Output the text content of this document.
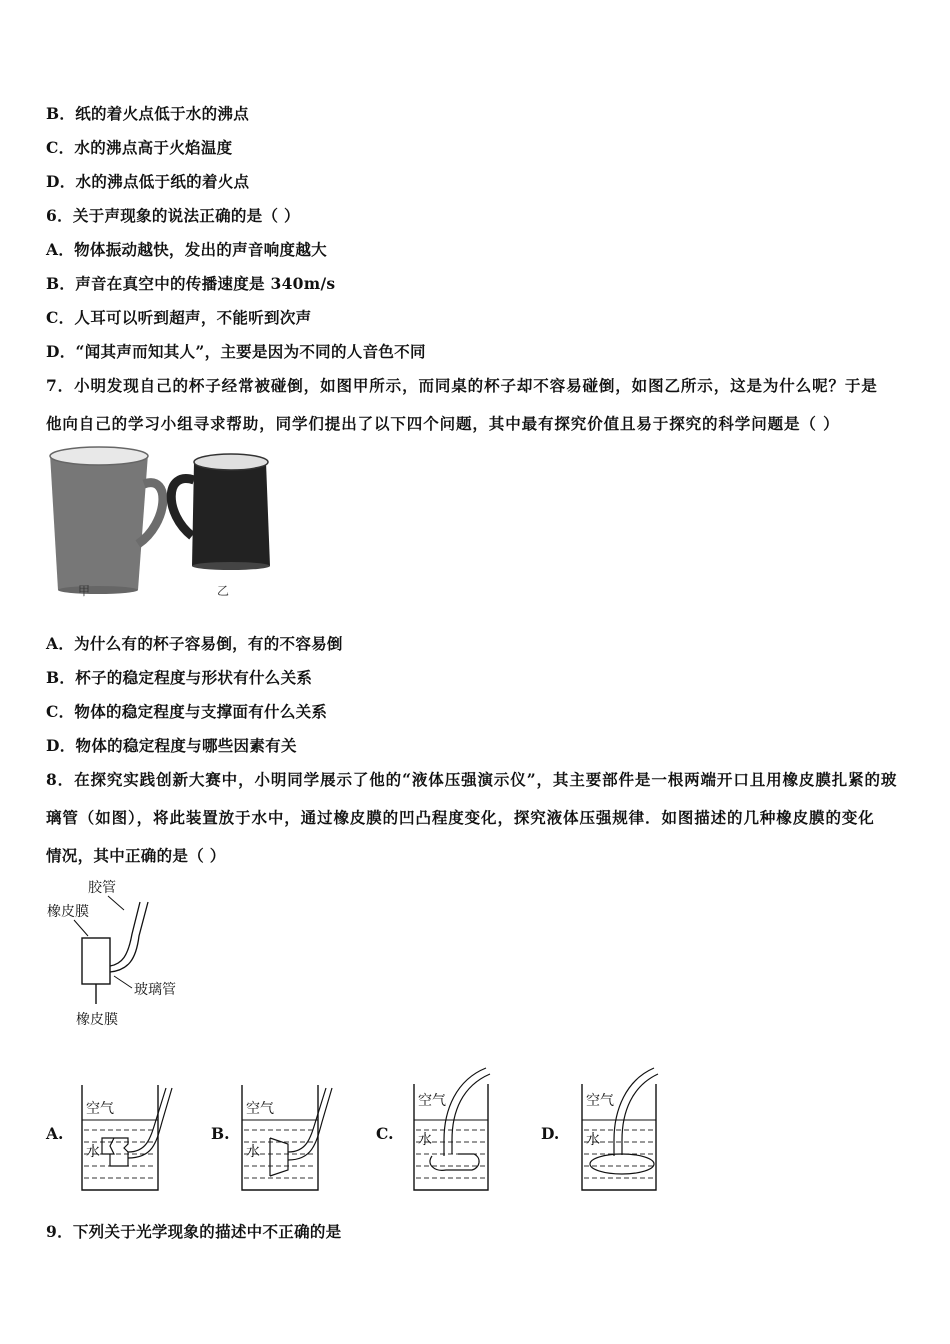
B．纸的着火点低于水的沸点
C．水的沸点高于火焰温度
D．水的沸点低于纸的着火点
6．关于声现象的说法正确的是（ ）
A．物体振动越快，发出的声音响度越大
B．声音在真空中的传播速度是 340m/s
C．人耳可以听到超声，不能听到次声
D．“闻其声而知其人”，主要是因为不同的人音色不同
7．小明发现自己的杯子经常被碰倒，如图甲所示，而同桌的杯子却不容易碰倒，如图乙所示，这是为什么呢？于是
他向自己的学习小组寻求帮助，同学们提出了以下四个问题，其中最有探究价值且易于探究的科学问题是（ ）
甲	乙
A．为什么有的杯子容易倒，有的不容易倒
B．杯子的稳定程度与形状有什么关系
C．物体的稳定程度与支撑面有什么关系
D．物体的稳定程度与哪些因素有关
8．在探究实践创新大赛中，小明同学展示了他的“液体压强演示仪”，其主要部件是一根两端开口且用橡皮膜扎紧的玻
璃管（如图），将此装置放于水中，通过橡皮膜的凹凸程度变化，探究液体压强规律．如图描述的几种橡皮膜的变化
情况，其中正确的是（ ）
胶管
橡皮膜
玻璃管
橡皮膜
A.
空气
水
B.
空气
水
C.
空气
水	D.
空气
水
9．下列关于光学现象的描述中不正确的是
